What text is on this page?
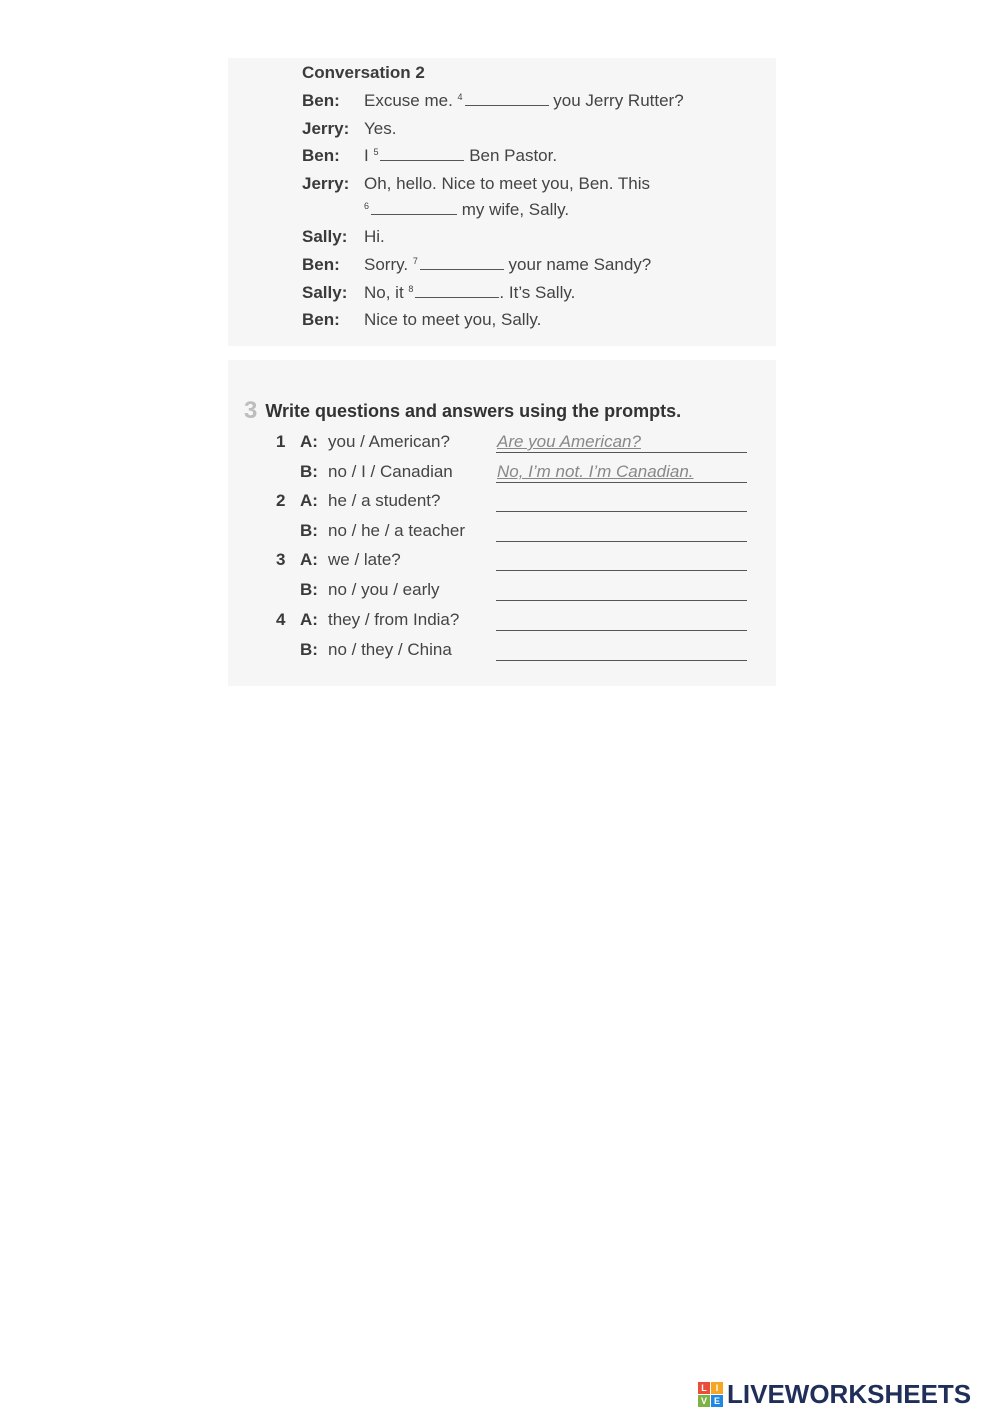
Conversation 2
Ben: Excuse me. $^4$	you Jerry Rutter?
Jerry: Yes.
Ben: I $^5$	Ben Pastor.
Jerry: Oh, hello. Nice to meet you, Ben. This
$^6$	my wife, Sally.
Sally: Hi.
Ben: Sorry. $^7$	your name Sandy?
Sally: No, it $^8$	. It’s Sally.
Ben: Nice to meet you, Sally.
3 Write questions and answers using the prompts.
1 A: you / American?	Are you American?
B: no / I / Canadian	No, I’m not. I’m Canadian.
2 A: he / a student?
B: no / he / a teacher
3 A: we / late?
B: no / you / early
4 A: they / from India?
B: no / they / China
L I
V E LIVEWORKSHEETS
